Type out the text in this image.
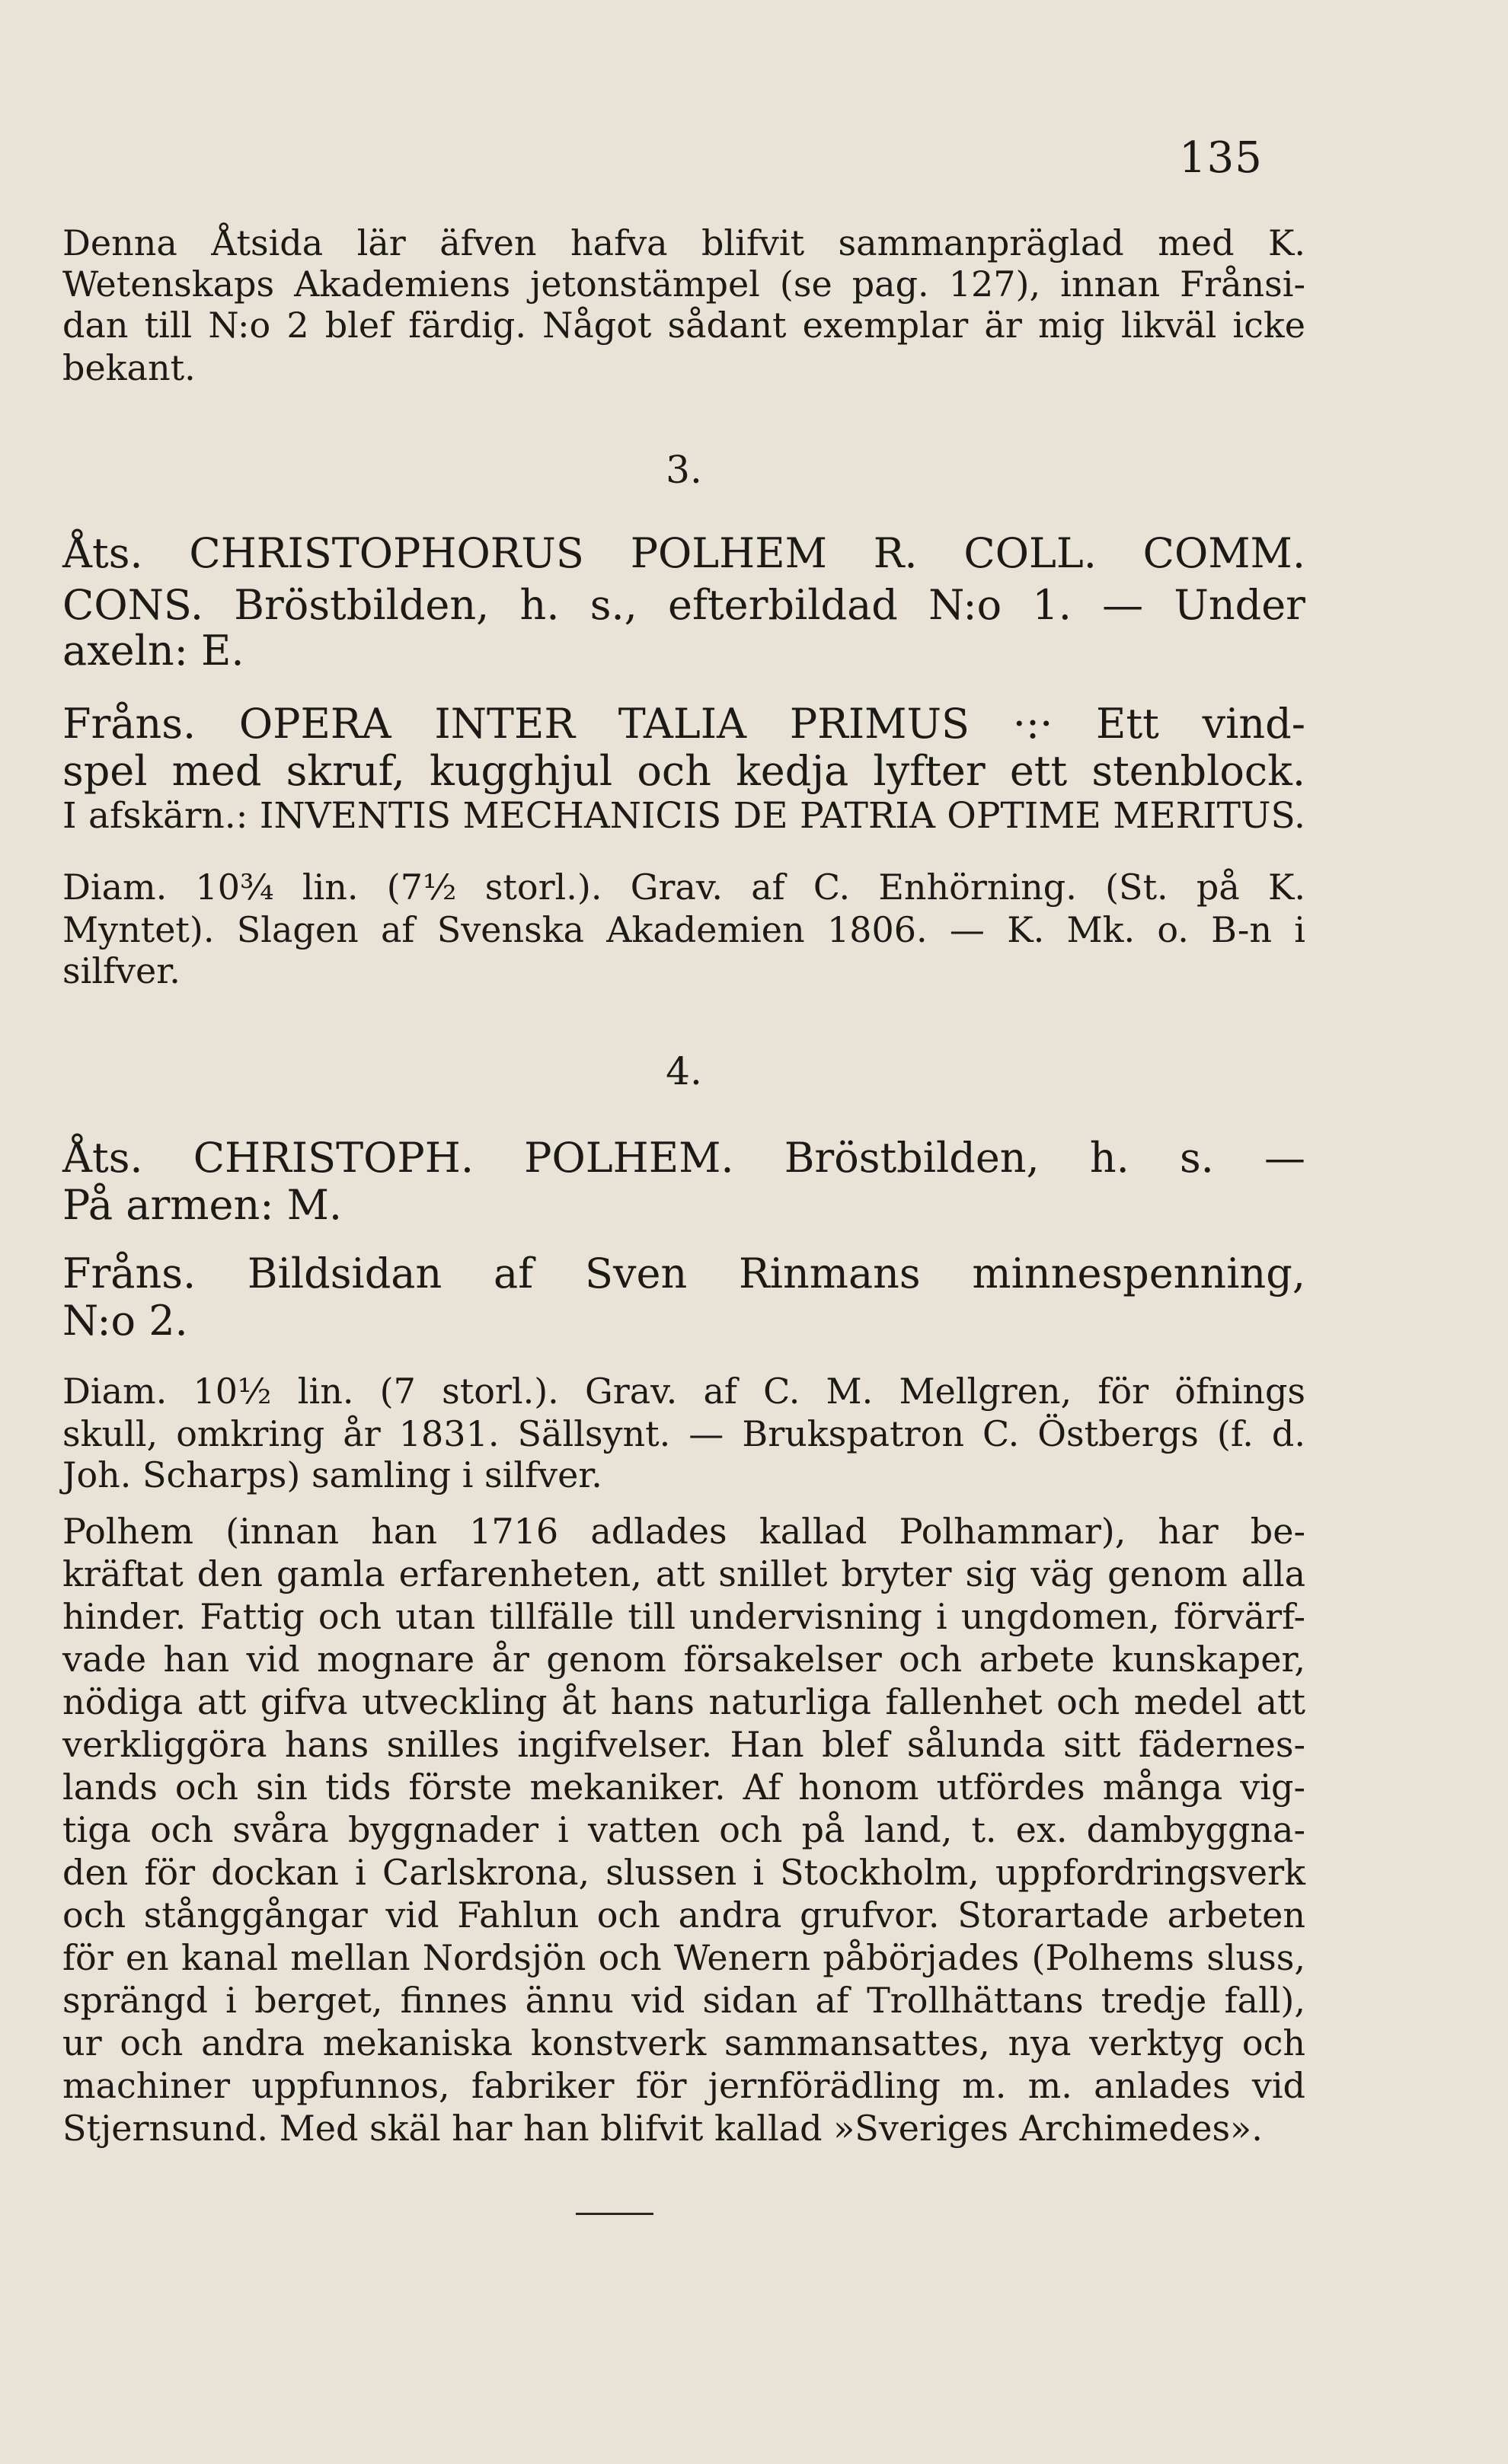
135
Denna Åtsida lär äfven hafva blifvit sammanpräglad med K.
Wetenskaps Akademiens jetonstämpel (se pag. 127), innan Frånsi-
dan till N:o 2 blef färdig. Något sådant exemplar är mig likväl icke
bekant.
3.
Åts. CHRISTOPHORUS POLHEM R. COLL. COMM.
CONS. Bröstbilden, h. s., efterbildad N:o 1. — Under
axeln: E.
Fråns. OPERA INTER TALIA PRIMUS ·:· Ett vind-
spel med skruf, kugghjul och kedja lyfter ett stenblock.
I afskärn.: INVENTIS MECHANICIS DE PATRIA OPTIME MERITUS.
Diam. 10¾ lin. (7½ storl.). Grav. af C. Enhörning. (St. på K.
Myntet). Slagen af Svenska Akademien 1806. — K. Mk. o. B-n i
silfver.
4.
Åts. CHRISTOPH. POLHEM. Bröstbilden, h. s. —
På armen: M.
Fråns. Bildsidan af Sven Rinmans minnespenning,
N:o 2.
Diam. 10½ lin. (7 storl.). Grav. af C. M. Mellgren, för öfnings
skull, omkring år 1831. Sällsynt. — Brukspatron C. Östbergs (f. d.
Joh. Scharps) samling i silfver.
Polhem (innan han 1716 adlades kallad Polhammar), har be-
kräftat den gamla erfarenheten, att snillet bryter sig väg genom alla
hinder. Fattig och utan tillfälle till undervisning i ungdomen, förvärf-
vade han vid mognare år genom försakelser och arbete kunskaper,
nödiga att gifva utveckling åt hans naturliga fallenhet och medel att
verkliggöra hans snilles ingifvelser. Han blef sålunda sitt fädernes-
lands och sin tids förste mekaniker. Af honom utfördes många vig-
tiga och svåra byggnader i vatten och på land, t. ex. dambyggna-
den för dockan i Carlskrona, slussen i Stockholm, uppfordringsverk
och stånggångar vid Fahlun och andra grufvor. Storartade arbeten
för en kanal mellan Nordsjön och Wenern påbörjades (Polhems sluss,
sprängd i berget, finnes ännu vid sidan af Trollhättans tredje fall),
ur och andra mekaniska konstverk sammansattes, nya verktyg och
machiner uppfunnos, fabriker för jernförädling m. m. anlades vid
Stjernsund. Med skäl har han blifvit kallad »Sveriges Archimedes».
